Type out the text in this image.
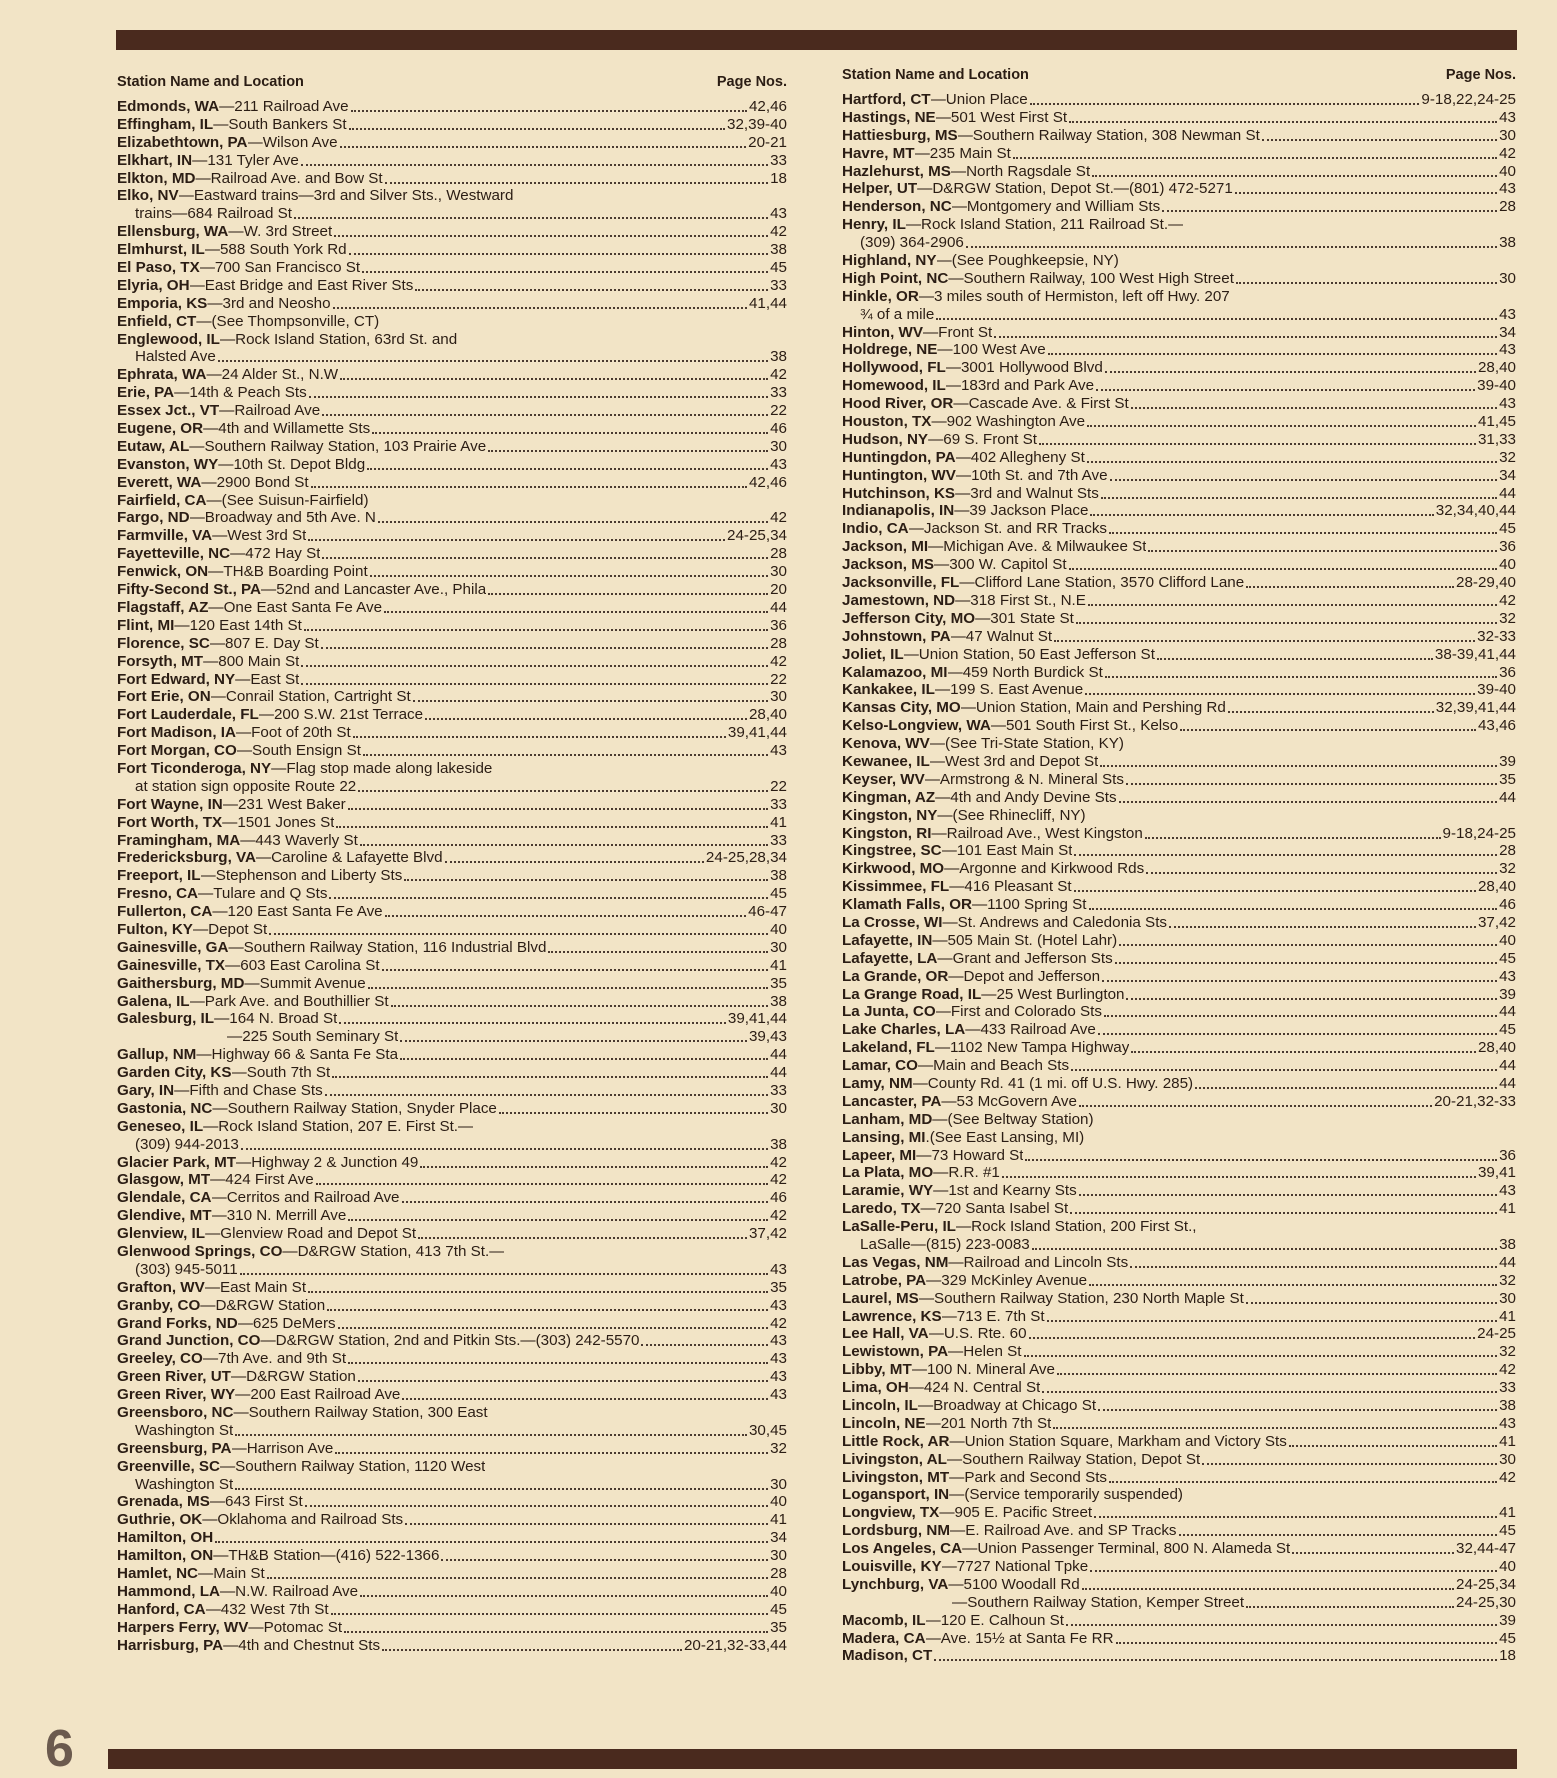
Station Name and Location	Page Nos.
Edmonds, WA —211 Railroad Ave	42,46
Effingham, IL —South Bankers St	32,39-40
Elizabethtown, PA —Wilson Ave	20-21
Elkhart, IN —131 Tyler Ave	33
Elkton, MD —Railroad Ave. and Bow St	18
Elko, NV —Eastward trains—3rd and Silver Sts., Westward
trains—684 Railroad St	43
Ellensburg, WA —W. 3rd Street	42
Elmhurst, IL —588 South York Rd	38
El Paso, TX —700 San Francisco St	45
Elyria, OH —East Bridge and East River Sts	33
Emporia, KS —3rd and Neosho	41,44
Enfield, CT —(See Thompsonville, CT)
Englewood, IL —Rock Island Station, 63rd St. and
Halsted Ave	38
Ephrata, WA —24 Alder St., N.W	42
Erie, PA —14th & Peach Sts	33
Essex Jct., VT —Railroad Ave	22
Eugene, OR —4th and Willamette Sts	46
Eutaw, AL —Southern Railway Station, 103 Prairie Ave	30
Evanston, WY —10th St. Depot Bldg	43
Everett, WA —2900 Bond St	42,46
Fairfield, CA —(See Suisun-Fairfield)
Fargo, ND —Broadway and 5th Ave. N	42
Farmville, VA —West 3rd St	24-25,34
Fayetteville, NC —472 Hay St	28
Fenwick, ON —TH&B Boarding Point	30
Fifty-Second St., PA —52nd and Lancaster Ave., Phila	20
Flagstaff, AZ —One East Santa Fe Ave	44
Flint, MI —120 East 14th St	36
Florence, SC —807 E. Day St	28
Forsyth, MT —800 Main St	42
Fort Edward, NY —East St	22
Fort Erie, ON —Conrail Station, Cartright St	30
Fort Lauderdale, FL —200 S.W. 21st Terrace	28,40
Fort Madison, IA —Foot of 20th St	39,41,44
Fort Morgan, CO —South Ensign St	43
Fort Ticonderoga, NY —Flag stop made along lakeside
at station sign opposite Route 22	22
Fort Wayne, IN —231 West Baker	33
Fort Worth, TX —1501 Jones St	41
Framingham, MA —443 Waverly St	33
Fredericksburg, VA —Caroline & Lafayette Blvd	24-25,28,34
Freeport, IL —Stephenson and Liberty Sts	38
Fresno, CA —Tulare and Q Sts	45
Fullerton, CA —120 East Santa Fe Ave	46-47
Fulton, KY —Depot St	40
Gainesville, GA —Southern Railway Station, 116 Industrial Blvd	30
Gainesville, TX —603 East Carolina St	41
Gaithersburg, MD —Summit Avenue	35
Galena, IL —Park Ave. and Bouthillier St	38
Galesburg, IL —164 N. Broad St	39,41,44
—225 South Seminary St	39,43
Gallup, NM —Highway 66 & Santa Fe Sta	44
Garden City, KS —South 7th St	44
Gary, IN —Fifth and Chase Sts	33
Gastonia, NC —Southern Railway Station, Snyder Place	30
Geneseo, IL —Rock Island Station, 207 E. First St.—
(309) 944-2013	38
Glacier Park, MT —Highway 2 & Junction 49	42
Glasgow, MT —424 First Ave	42
Glendale, CA —Cerritos and Railroad Ave	46
Glendive, MT —310 N. Merrill Ave	42
Glenview, IL —Glenview Road and Depot St	37,42
Glenwood Springs, CO —D&RGW Station, 413 7th St.—
(303) 945-5011	43
Grafton, WV —East Main St	35
Granby, CO —D&RGW Station	43
Grand Forks, ND —625 DeMers	42
Grand Junction, CO —D&RGW Station, 2nd and Pitkin Sts.—(303) 242-5570	43
Greeley, CO —7th Ave. and 9th St	43
Green River, UT —D&RGW Station	43
Green River, WY —200 East Railroad Ave	43
Greensboro, NC —Southern Railway Station, 300 East
Washington St	30,45
Greensburg, PA —Harrison Ave	32
Greenville, SC —Southern Railway Station, 1120 West
Washington St	30
Grenada, MS —643 First St	40
Guthrie, OK —Oklahoma and Railroad Sts	41
Hamilton, OH	34
Hamilton, ON —TH&B Station—(416) 522-1366	30
Hamlet, NC —Main St	28
Hammond, LA —N.W. Railroad Ave	40
Hanford, CA —432 West 7th St	45
Harpers Ferry, WV —Potomac St	35
Harrisburg, PA —4th and Chestnut Sts	20-21,32-33,44
Station Name and Location	Page Nos.
Hartford, CT —Union Place	9-18,22,24-25
Hastings, NE —501 West First St	43
Hattiesburg, MS —Southern Railway Station, 308 Newman St	30
Havre, MT —235 Main St	42
Hazlehurst, MS —North Ragsdale St	40
Helper, UT —D&RGW Station, Depot St.—(801) 472-5271	43
Henderson, NC —Montgomery and William Sts	28
Henry, IL —Rock Island Station, 211 Railroad St.—
(309) 364-2906	38
Highland, NY —(See Poughkeepsie, NY)
High Point, NC —Southern Railway, 100 West High Street	30
Hinkle, OR —3 miles south of Hermiston, left off Hwy. 207
¾ of a mile	43
Hinton, WV —Front St	34
Holdrege, NE —100 West Ave	43
Hollywood, FL —3001 Hollywood Blvd	28,40
Homewood, IL —183rd and Park Ave	39-40
Hood River, OR —Cascade Ave. & First St	43
Houston, TX —902 Washington Ave	41,45
Hudson, NY —69 S. Front St	31,33
Huntingdon, PA —402 Allegheny St	32
Huntington, WV —10th St. and 7th Ave	34
Hutchinson, KS —3rd and Walnut Sts	44
Indianapolis, IN —39 Jackson Place	32,34,40,44
Indio, CA —Jackson St. and RR Tracks	45
Jackson, MI —Michigan Ave. & Milwaukee St	36
Jackson, MS —300 W. Capitol St	40
Jacksonville, FL —Clifford Lane Station, 3570 Clifford Lane	28-29,40
Jamestown, ND —318 First St., N.E	42
Jefferson City, MO —301 State St	32
Johnstown, PA —47 Walnut St	32-33
Joliet, IL —Union Station, 50 East Jefferson St	38-39,41,44
Kalamazoo, MI —459 North Burdick St	36
Kankakee, IL —199 S. East Avenue	39-40
Kansas City, MO —Union Station, Main and Pershing Rd	32,39,41,44
Kelso-Longview, WA —501 South First St., Kelso	43,46
Kenova, WV —(See Tri-State Station, KY)
Kewanee, IL —West 3rd and Depot St	39
Keyser, WV —Armstrong & N. Mineral Sts	35
Kingman, AZ —4th and Andy Devine Sts	44
Kingston, NY —(See Rhinecliff, NY)
Kingston, RI —Railroad Ave., West Kingston	9-18,24-25
Kingstree, SC —101 East Main St	28
Kirkwood, MO —Argonne and Kirkwood Rds	32
Kissimmee, FL —416 Pleasant St	28,40
Klamath Falls, OR —1100 Spring St	46
La Crosse, WI —St. Andrews and Caledonia Sts	37,42
Lafayette, IN —505 Main St. (Hotel Lahr)	40
Lafayette, LA —Grant and Jefferson Sts	45
La Grande, OR —Depot and Jefferson	43
La Grange Road, IL —25 West Burlington	39
La Junta, CO —First and Colorado Sts	44
Lake Charles, LA —433 Railroad Ave	45
Lakeland, FL —1102 New Tampa Highway	28,40
Lamar, CO —Main and Beach Sts	44
Lamy, NM —County Rd. 41 (1 mi. off U.S. Hwy. 285)	44
Lancaster, PA —53 McGovern Ave	20-21,32-33
Lanham, MD —(See Beltway Station)
Lansing, MI .(See East Lansing, MI)
Lapeer, MI —73 Howard St	36
La Plata, MO —R.R. #1	39,41
Laramie, WY —1st and Kearny Sts	43
Laredo, TX —720 Santa Isabel St	41
LaSalle-Peru, IL —Rock Island Station, 200 First St.,
LaSalle—(815) 223-0083	38
Las Vegas, NM —Railroad and Lincoln Sts	44
Latrobe, PA —329 McKinley Avenue	32
Laurel, MS —Southern Railway Station, 230 North Maple St	30
Lawrence, KS —713 E. 7th St	41
Lee Hall, VA —U.S. Rte. 60	24-25
Lewistown, PA —Helen St	32
Libby, MT —100 N. Mineral Ave	42
Lima, OH —424 N. Central St	33
Lincoln, IL —Broadway at Chicago St	38
Lincoln, NE —201 North 7th St	43
Little Rock, AR —Union Station Square, Markham and Victory Sts	41
Livingston, AL —Southern Railway Station, Depot St	30
Livingston, MT —Park and Second Sts	42
Logansport, IN —(Service temporarily suspended)
Longview, TX —905 E. Pacific Street	41
Lordsburg, NM —E. Railroad Ave. and SP Tracks	45
Los Angeles, CA —Union Passenger Terminal, 800 N. Alameda St	32,44-47
Louisville, KY —7727 National Tpke	40
Lynchburg, VA —5100 Woodall Rd	24-25,34
—Southern Railway Station, Kemper Street	24-25,30
Macomb, IL —120 E. Calhoun St	39
Madera, CA —Ave. 15½ at Santa Fe RR	45
Madison, CT	18
6
